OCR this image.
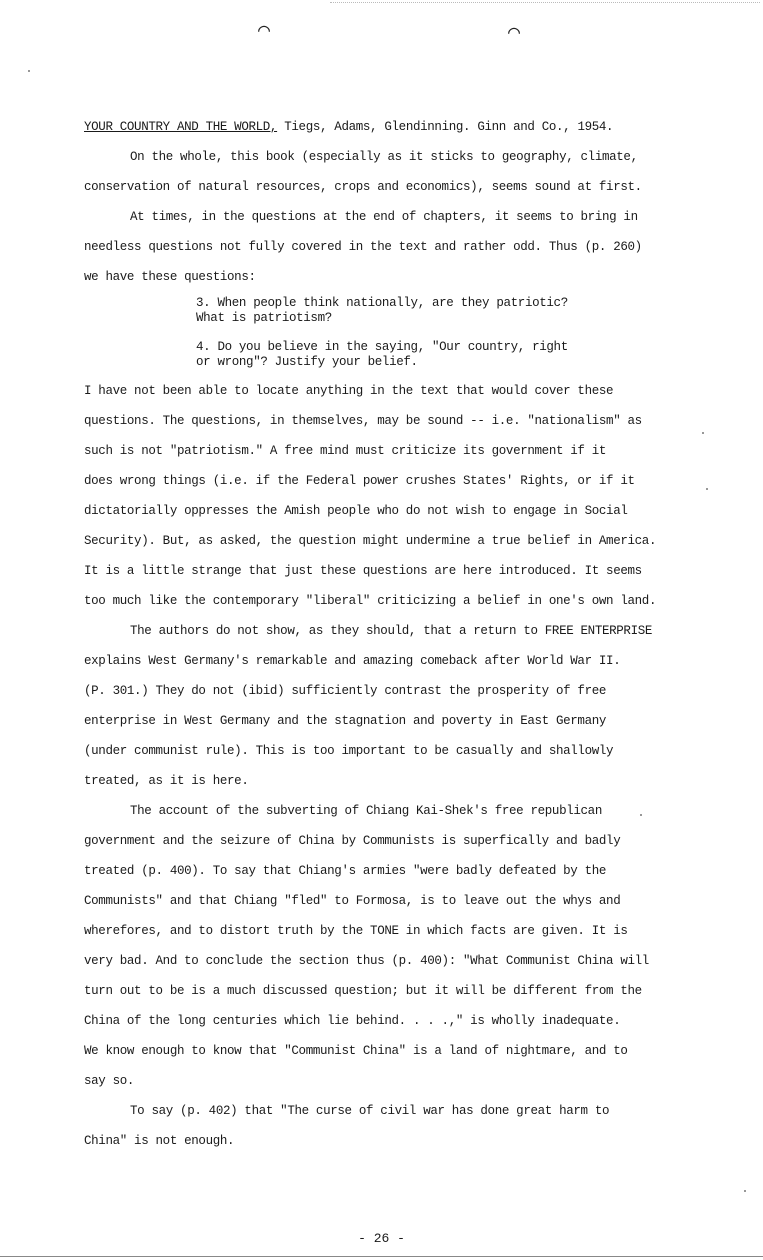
⌒	⌒
YOUR COUNTRY AND THE WORLD, Tiegs, Adams, Glendinning. Ginn and Co., 1954.
On the whole, this book (especially as it sticks to geography, climate,
conservation of natural resources, crops and economics), seems sound at first.
At times, in the questions at the end of chapters, it seems to bring in
needless questions not fully covered in the text and rather odd. Thus (p. 260)
we have these questions:
3. When people think nationally, are they patriotic?
What is patriotism?
4. Do you believe in the saying, "Our country, right
or wrong"? Justify your belief.
I have not been able to locate anything in the text that would cover these
questions. The questions, in themselves, may be sound -- i.e. "nationalism" as
such is not "patriotism." A free mind must criticize its government if it
does wrong things (i.e. if the Federal power crushes States' Rights, or if it
dictatorially oppresses the Amish people who do not wish to engage in Social
Security). But, as asked, the question might undermine a true belief in America.
It is a little strange that just these questions are here introduced. It seems
too much like the contemporary "liberal" criticizing a belief in one's own land.
The authors do not show, as they should, that a return to FREE ENTERPRISE
explains West Germany's remarkable and amazing comeback after World War II.
(P. 301.) They do not (ibid) sufficiently contrast the prosperity of free
enterprise in West Germany and the stagnation and poverty in East Germany
(under communist rule). This is too important to be casually and shallowly
treated, as it is here.
The account of the subverting of Chiang Kai-Shek's free republican
government and the seizure of China by Communists is superfically and badly
treated (p. 400). To say that Chiang's armies "were badly defeated by the
Communists" and that Chiang "fled" to Formosa, is to leave out the whys and
wherefores, and to distort truth by the TONE in which facts are given. It is
very bad. And to conclude the section thus (p. 400): "What Communist China will
turn out to be is a much discussed question; but it will be different from the
China of the long centuries which lie behind. . . .," is wholly inadequate.
We know enough to know that "Communist China" is a land of nightmare, and to
say so.
To say (p. 402) that "The curse of civil war has done great harm to
China" is not enough.
- 26 -
